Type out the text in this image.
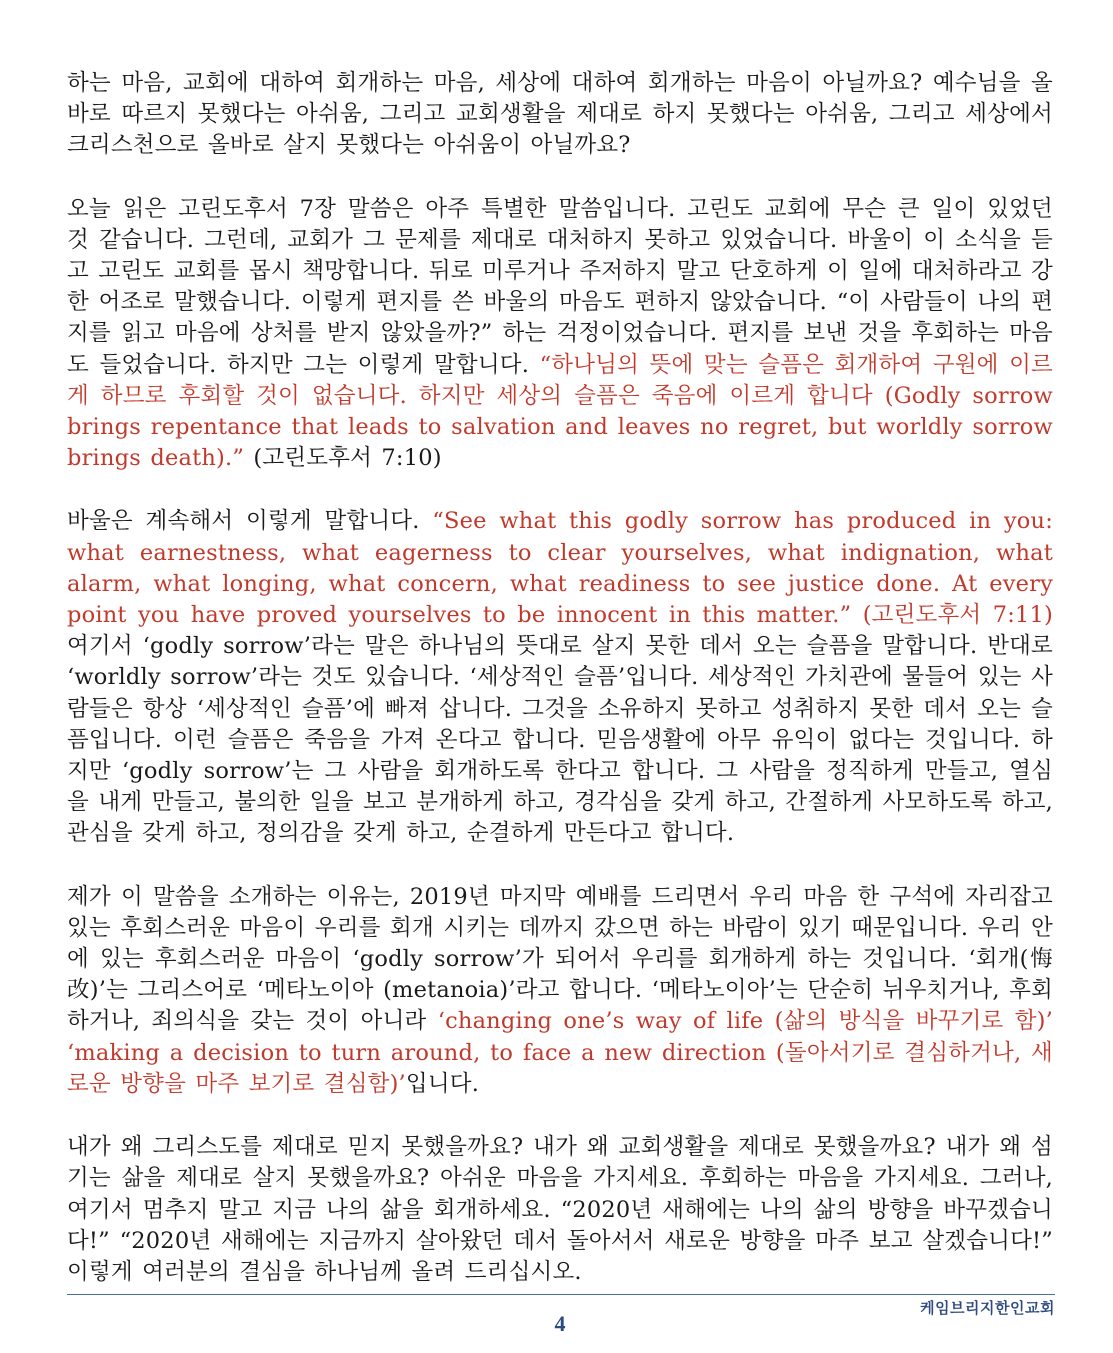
하는 마음, 교회에 대하여 회개하는 마음, 세상에 대하여 회개하는 마음이 아닐까요? 예수님을 올바로 따르지 못했다는 아쉬움, 그리고 교회생활을 제대로 하지 못했다는 아쉬움, 그리고 세상에서 크리스천으로 올바로 살지 못했다는 아쉬움이 아닐까요?

오늘 읽은 고린도후서 7장 말씀은 아주 특별한 말씀입니다. 고린도 교회에 무슨 큰 일이 있었던 것 같습니다. 그런데, 교회가 그 문제를 제대로 대처하지 못하고 있었습니다. 바울이 이 소식을 듣고 고린도 교회를 몹시 책망합니다. 뒤로 미루거나 주저하지 말고 단호하게 이 일에 대처하라고 강한 어조로 말했습니다. 이렇게 편지를 쓴 바울의 마음도 편하지 않았습니다. “이 사람들이 나의 편지를 읽고 마음에 상처를 받지 않았을까?” 하는 걱정이었습니다. 편지를 보낸 것을 후회하는 마음도 들었습니다. 하지만 그는 이렇게 말합니다. “하나님의 뜻에 맞는 슬픔은 회개하여 구원에 이르게 하므로 후회할 것이 없습니다. 하지만 세상의 슬픔은 죽음에 이르게 합니다 (Godly sorrow brings repentance that leads to salvation and leaves no regret, but worldly sorrow brings death).” (고린도후서 7:10)

바울은 계속해서 이렇게 말합니다. “See what this godly sorrow has produced in you: what earnestness, what eagerness to clear yourselves, what indignation, what alarm, what longing, what concern, what readiness to see justice done. At every point you have proved yourselves to be innocent in this matter.” (고린도후서 7:11) 여기서 ‘godly sorrow’라는 말은 하나님의 뜻대로 살지 못한 데서 오는 슬픔을 말합니다. 반대로 ‘worldly sorrow’라는 것도 있습니다. ‘세상적인 슬픔’입니다. 세상적인 가치관에 물들어 있는 사람들은 항상 ‘세상적인 슬픔’에 빠져 삽니다. 그것을 소유하지 못하고 성취하지 못한 데서 오는 슬픔입니다. 이런 슬픔은 죽음을 가져 온다고 합니다. 믿음생활에 아무 유익이 없다는 것입니다. 하지만 ‘godly sorrow’는 그 사람을 회개하도록 한다고 합니다. 그 사람을 정직하게 만들고, 열심을 내게 만들고, 불의한 일을 보고 분개하게 하고, 경각심을 갖게 하고, 간절하게 사모하도록 하고, 관심을 갖게 하고, 정의감을 갖게 하고, 순결하게 만든다고 합니다.

제가 이 말씀을 소개하는 이유는, 2019년 마지막 예배를 드리면서 우리 마음 한 구석에 자리잡고 있는 후회스러운 마음이 우리를 회개 시키는 데까지 갔으면 하는 바람이 있기 때문입니다. 우리 안에 있는 후회스러운 마음이 ‘godly sorrow’가 되어서 우리를 회개하게 하는 것입니다. ‘회개(悔改)’는 그리스어로 ‘메타노이아 (metanoia)’라고 합니다. ‘메타노이아’는 단순히 뉘우치거나, 후회하거나, 죄의식을 갖는 것이 아니라 ‘changing one’s way of life (삶의 방식을 바꾸기로 함)’ ‘making a decision to turn around, to face a new direction (돌아서기로 결심하거나, 새로운 방향을 마주 보기로 결심함)’입니다.

내가 왜 그리스도를 제대로 믿지 못했을까요? 내가 왜 교회생활을 제대로 못했을까요? 내가 왜 섬기는 삶을 제대로 살지 못했을까요? 아쉬운 마음을 가지세요. 후회하는 마음을 가지세요. 그러나, 여기서 멈추지 말고 지금 나의 삶을 회개하세요. “2020년 새해에는 나의 삶의 방향을 바꾸겠습니다!” “2020년 새해에는 지금까지 살아왔던 데서 돌아서서 새로운 방향을 마주 보고 살겠습니다!” 이렇게 여러분의 결심을 하나님께 올려 드리십시오.

케임브리지한인교회
4
